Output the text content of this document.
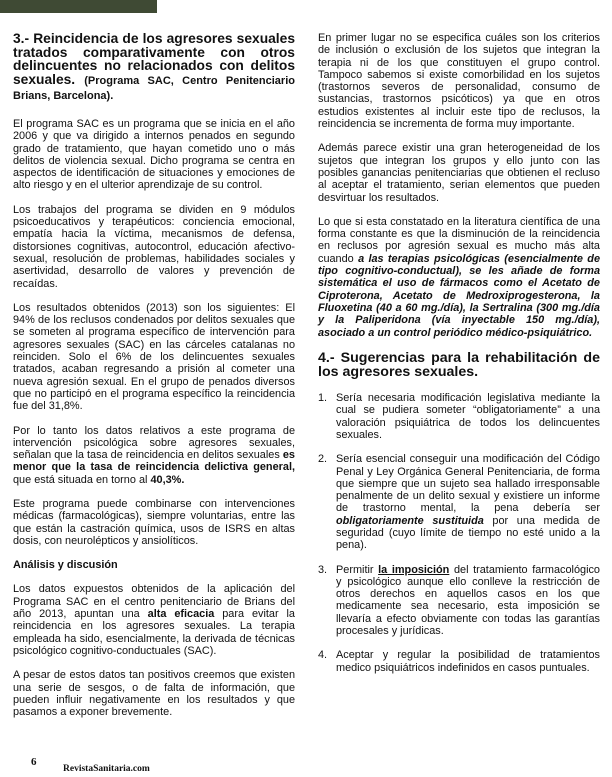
3.- Reincidencia de los agresores sexuales tratados comparativamente con otros delincuentes no relacionados con delitos sexuales. (Programa SAC, Centro Penitenciario Brians, Barcelona).

El programa SAC es un programa que se inicia en el año 2006 y que va dirigido a internos penados en segundo grado de tratamiento, que hayan cometido uno o más delitos de violencia sexual. Dicho programa se centra en aspectos de identificación de situaciones y emociones de alto riesgo y en el ulterior aprendizaje de su control.

Los trabajos del programa se dividen en 9 módulos psicoeducativos y terapéuticos: conciencia emocional, empatía hacia la víctima, mecanismos de defensa, distorsiones cognitivas, autocontrol, educación afectivo-sexual, resolución de problemas, habilidades sociales y asertividad, desarrollo de valores y prevención de recaídas.

Los resultados obtenidos (2013) son los siguientes: El 94% de los reclusos condenados por delitos sexuales que se someten al programa específico de intervención para agresores sexuales (SAC) en las cárceles catalanas no reinciden. Solo el 6% de los delincuentes sexuales tratados, acaban regresando a prisión al cometer una nueva agresión sexual. En el grupo de penados diversos que no participó en el programa específico la reincidencia fue del 31,8%.

Por lo tanto los datos relativos a este programa de intervención psicológica sobre agresores sexuales, señalan que la tasa de reincidencia en delitos sexuales es menor que la tasa de reincidencia delictiva general, que está situada en torno al 40,3%.

Este programa puede combinarse con intervenciones médicas (farmacológicas), siempre voluntarias, entre las que están la castración química, usos de ISRS en altas dosis, con neurolépticos y ansiolíticos.

Análisis y discusión

Los datos expuestos obtenidos de la aplicación del Programa SAC en el centro penitenciario de Brians del año 2013, apuntan una alta eficacia para evitar la reincidencia en los agresores sexuales. La terapia empleada ha sido, esencialmente, la derivada de técnicas psicológico cognitivo-conductuales (SAC).

A pesar de estos datos tan positivos creemos que existen una serie de sesgos, o de falta de información, que pueden influir negativamente en los resultados y que pasamos a exponer brevemente.

En primer lugar no se especifica cuáles son los criterios de inclusión o exclusión de los sujetos que integran la terapia ni de los que constituyen el grupo control. Tampoco sabemos si existe comorbilidad en los sujetos (trastornos severos de personalidad, consumo de sustancias, trastornos psicóticos) ya que en otros estudios existentes al incluir este tipo de reclusos, la reincidencia se incrementa de forma muy importante.

Además parece existir una gran heterogeneidad de los sujetos que integran los grupos y ello junto con las posibles ganancias penitenciarias que obtienen el recluso al aceptar el tratamiento, serian elementos que pueden desvirtuar los resultados.

Lo que si esta constatado en la literatura científica de una forma constante es que la disminución de la reincidencia en reclusos por agresión sexual es mucho más alta cuando a las terapias psicológicas (esencialmente de tipo cognitivo-conductual), se les añade de forma sistemática el uso de fármacos como el Acetato de Ciproterona, Acetato de Medroxiprogesterona, la Fluoxetina (40 a 60 mg./día), la Sertralina (300 mg./día y la Paliperidona (vía inyectable 150 mg./día), asociado a un control periódico médico-psiquiátrico.

4.- Sugerencias para la rehabilitación de los agresores sexuales.

1. Sería necesaria modificación legislativa mediante la cual se pudiera someter “obligatoriamente” a una valoración psiquiátrica de todos los delincuentes sexuales.
2. Sería esencial conseguir una modificación del Código Penal y Ley Orgánica General Penitenciaria, de forma que siempre que un sujeto sea hallado irresponsable penalmente de un delito sexual y existiere un informe de trastorno mental, la pena debería ser obligatoriamente sustituida por una medida de seguridad (cuyo límite de tiempo no esté unido a la pena).
3. Permitir la imposición del tratamiento farmacológico y psicológico aunque ello conlleve la restricción de otros derechos en aquellos casos en los que medicamente sea necesario, esta imposición se llevaría a efecto obviamente con todas las garantías procesales y jurídicas.
4. Aceptar y regular la posibilidad de tratamientos medico psiquiátricos indefinidos en casos puntuales.
6
RevistaSanitaria.com
